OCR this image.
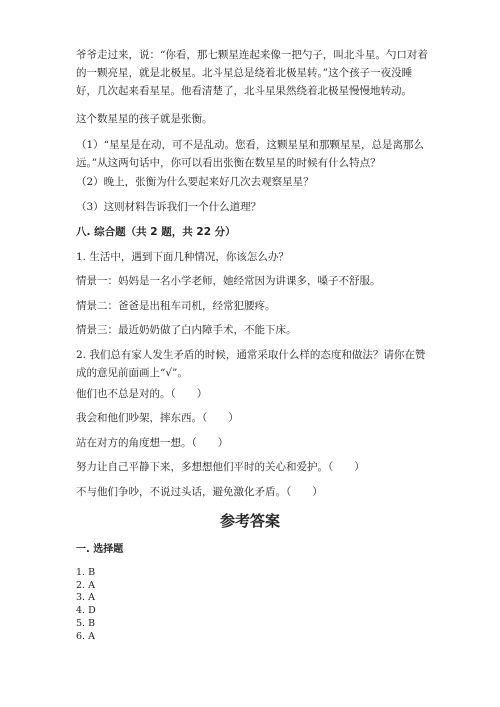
爷爷走过来，说：“你看，那七颗星连起来像一把勺子，叫北斗星。勺口对着的一颗亮星，就是北极星。北斗星总是绕着北极星转。”这个孩子一夜没睡好，几次起来看星星。他看清楚了，北斗星果然绕着北极星慢慢地转动。

这个数星星的孩子就是张衡。

（1）“星星是在动，可不是乱动。您看，这颗星星和那颗星星，总是离那么远。”从这两句话中，你可以看出张衡在数星星的时候有什么特点？

（2）晚上，张衡为什么要起来好几次去观察星星？

（3）这则材料告诉我们一个什么道理？

八. 综合题（共 2 题，共 22 分）

1. 生活中，遇到下面几种情况，你该怎么办？

情景一：妈妈是一名小学老师，她经常因为讲课多，嗓子不舒服。

情景二：爸爸是出租车司机，经常犯腰疼。

情景三：最近奶奶做了白内障手术，不能下床。

2. 我们总有家人发生矛盾的时候，通常采取什么样的态度和做法？请你在赞成的意见前面画上“√”。

他们也不总是对的。（　　）

我会和他们吵架，摔东西。（　　）

站在对方的角度想一想。（　　）

努力让自己平静下来，多想想他们平时的关心和爱护。（　　）

不与他们争吵，不说过头话，避免激化矛盾。（　　）

参考答案

一. 选择题

1. B

2. A

3. A

4. D

5. B

6. A
